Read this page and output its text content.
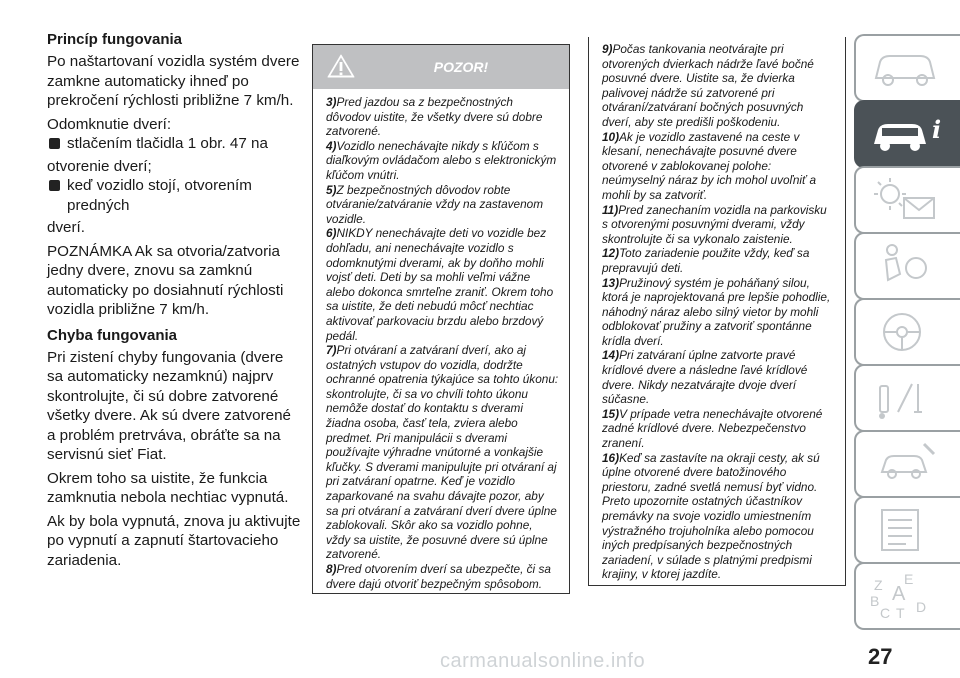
Princíp fungovania

Po naštartovaní vozidla systém dvere zamkne automaticky ihneď po prekročení rýchlosti približne 7 km/h.

Odomknutie dverí:

stlačením tlačidla 1 obr. 47 na

otvorenie dverí;

keď vozidlo stojí, otvorením predných

dverí.

POZNÁMKA Ak sa otvoria/zatvoria jedny dvere, znovu sa zamknú automaticky po dosiahnutí rýchlosti vozidla približne 7 km/h.

Chyba fungovania

Pri zistení chyby fungovania (dvere sa automaticky nezamknú) najprv skontrolujte, či sú dobre zatvorené všetky dvere. Ak sú dvere zatvorené a problém pretrváva, obráťte sa na servisnú sieť Fiat.

Okrem toho sa uistite, že funkcia zamknutia nebola nechtiac vypnutá.

Ak by bola vypnutá, znova ju aktivujte po vypnutí a zapnutí štartovacieho zariadenia.

POZOR!

3)Pred jazdou sa z bezpečnostných dôvodov uistite, že všetky dvere sú dobre zatvorené.

4)Vozidlo nenechávajte nikdy s kľúčom s diaľkovým ovládačom alebo s elektronickým kľúčom vnútri.

5)Z bezpečnostných dôvodov robte otváranie/zatváranie vždy na zastavenom vozidle.

6)NIKDY nenechávajte deti vo vozidle bez dohľadu, ani nenechávajte vozidlo s odomknutými dverami, ak by doňho mohli vojsť deti. Deti by sa mohli veľmi vážne alebo dokonca smrteľne zraniť. Okrem toho sa uistite, že deti nebudú môcť nechtiac aktivovať parkovaciu brzdu alebo brzdový pedál.

7)Pri otváraní a zatváraní dverí, ako aj ostatných vstupov do vozidla, dodržte ochranné opatrenia týkajúce sa tohto úkonu: skontrolujte, či sa vo chvíli tohto úkonu nemôže dostať do kontaktu s dverami žiadna osoba, časť tela, zviera alebo predmet. Pri manipulácii s dverami používajte výhradne vnútorné a vonkajšie kľučky. S dverami manipulujte pri otváraní aj pri zatváraní opatrne. Keď je vozidlo zaparkované na svahu dávajte pozor, aby sa pri otváraní a zatváraní dverí dvere úplne zablokovali. Skôr ako sa vozidlo pohne, vždy sa uistite, že posuvné dvere sú úplne zatvorené.

8)Pred otvorením dverí sa ubezpečte, či sa dvere dajú otvoriť bezpečným spôsobom.

9)Počas tankovania neotvárajte pri otvorených dvierkach nádrže ľavé bočné posuvné dvere. Uistite sa, že dvierka palivovej nádrže sú zatvorené pri otváraní/zatváraní bočných posuvných dverí, aby ste predišli poškodeniu.

10)Ak je vozidlo zastavené na ceste v klesaní, nenechávajte posuvné dvere otvorené v zablokovanej polohe: neúmyselný náraz by ich mohol uvoľniť a mohli by sa zatvoriť.

11)Pred zanechaním vozidla na parkovisku s otvorenými posuvnými dverami, vždy skontrolujte či sa vykonalo zaistenie.

12)Toto zariadenie použite vždy, keď sa prepravujú deti.

13)Pružinový systém je poháňaný silou, ktorá je naprojektovaná pre lepšie pohodlie, náhodný náraz alebo silný vietor by mohli odblokovať pružiny a zatvoriť spontánne krídla dverí.

14)Pri zatváraní úplne zatvorte pravé krídlové dvere a následne ľavé krídlové dvere. Nikdy nezatvárajte dvoje dverí súčasne.

15)V prípade vetra nenechávajte otvorené zadné krídlové dvere. Nebezpečenstvo zranení.

16)Keď sa zastavíte na okraji cesty, ak sú úplne otvorené dvere batožinového priestoru, zadné svetlá nemusí byť vidno. Preto upozornite ostatných účastníkov premávky na svoje vozidlo umiestnením výstražného trojuholníka alebo pomocou iných predpísaných bezpečnostných zariadení, v súlade s platnými predpismi krajiny, v ktorej jazdíte.

i
Z E
B A
C T D
27
carmanualsonline.info
